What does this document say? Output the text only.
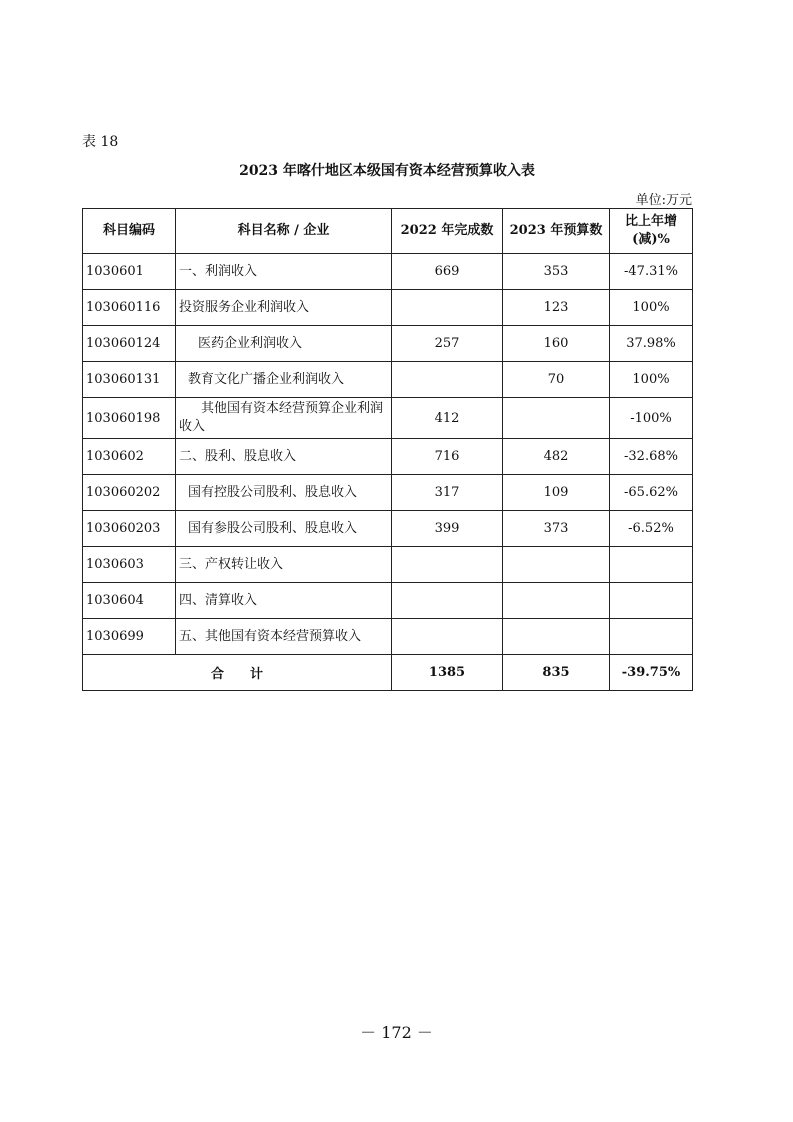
表 18
2023 年喀什地区本级国有资本经营预算收入表
单位:万元
科目编码	科目名称 / 企业	2022 年完成数	2023 年预算数	比上年增(减)%
1030601	一、利润收入	669	353	-47.31%
103060116	投资服务企业利润收入		123	100%
103060124	医药企业利润收入	257	160	37.98%
103060131	教育文化广播企业利润收入		70	100%
103060198	其他国有资本经营预算企业利润收入	412		-100%
1030602	二、股利、股息收入	716	482	-32.68%
103060202	国有控股公司股利、股息收入	317	109	-65.62%
103060203	国有参股公司股利、股息收入	399	373	-6.52%
1030603	三、产权转让收入			
1030604	四、清算收入			
1030699	五、其他国有资本经营预算收入			
合　　计		1385	835	-39.75%
－ 172 －
